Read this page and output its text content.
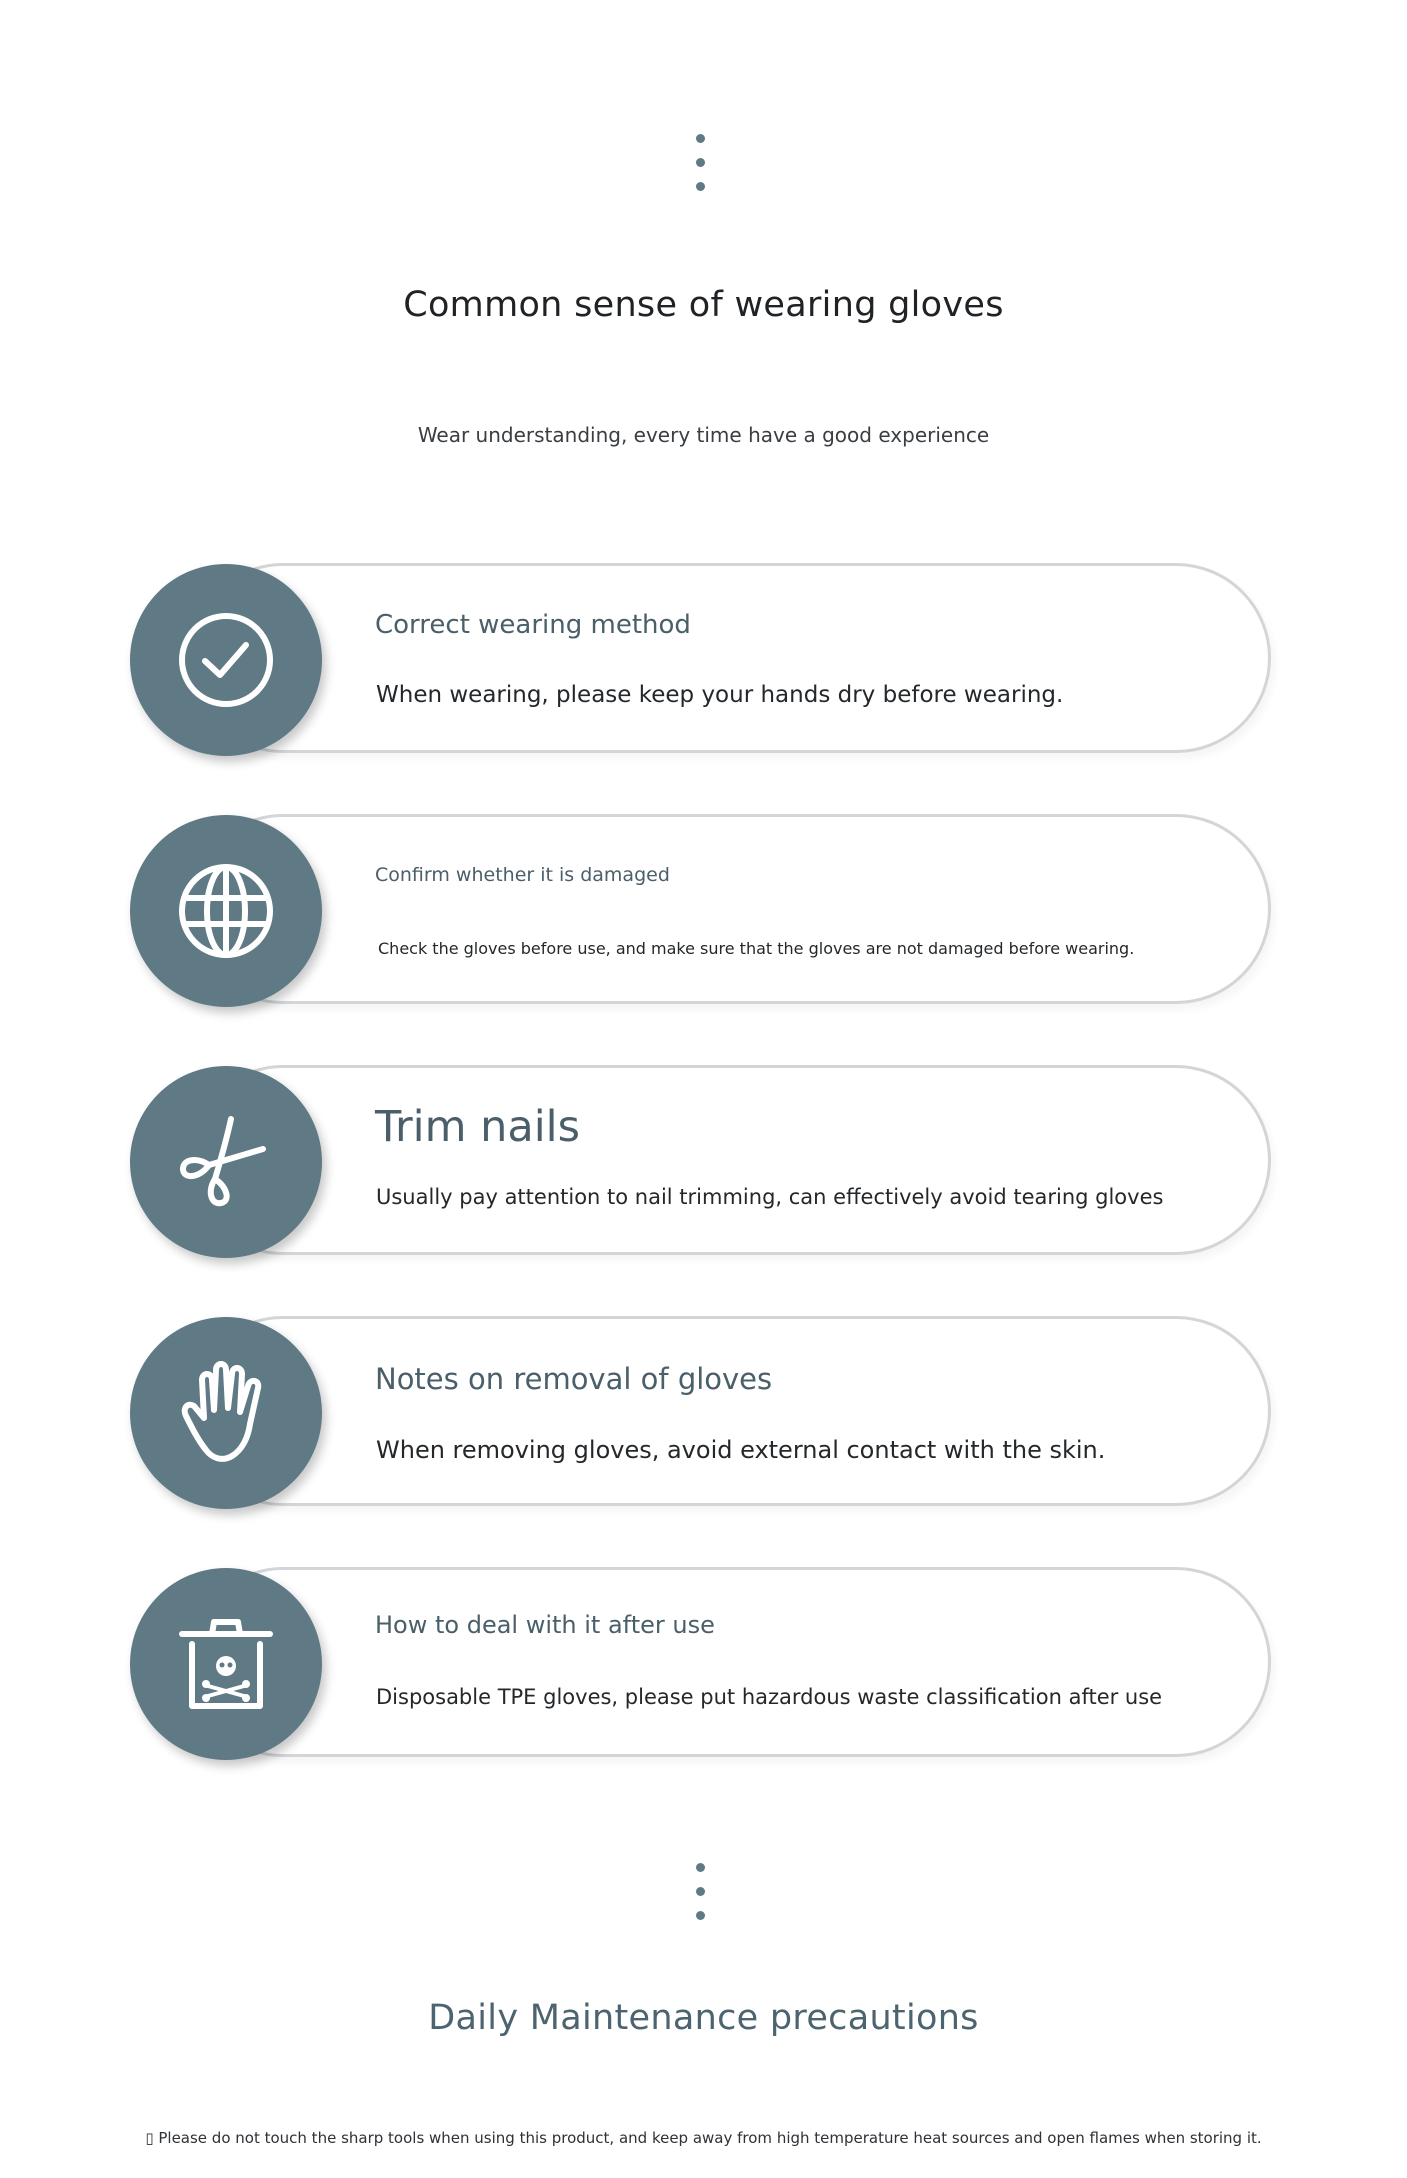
Common sense of wearing gloves
Wear understanding, every time have a good experience
Correct wearing method
When wearing, please keep your hands dry before wearing.
Confirm whether it is damaged
Check the gloves before use, and make sure that the gloves are not damaged before wearing.
Trim nails
Usually pay attention to nail trimming, can effectively avoid tearing gloves
Notes on removal of gloves
When removing gloves, avoid external contact with the skin.
How to deal with it after use
Disposable TPE gloves, please put hazardous waste classification after use
Daily Maintenance precautions
▯ Please do not touch the sharp tools when using this product, and keep away from high temperature heat sources and open flames when storing it.
